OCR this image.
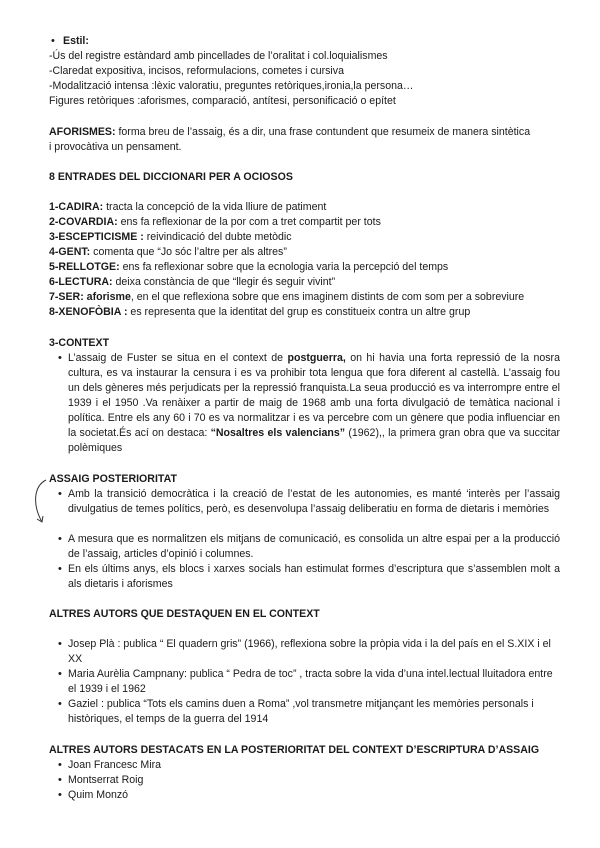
• Estil:
-Ús del registre estàndard amb pincellades de l’oralitat i col.loquialismes
-Claredat expositiva, incisos, reformulacions, cometes i cursiva
-Modalització intensa :lèxic valoratiu, preguntes retòriques,ironia,la persona…
Figures retòriques :aforismes, comparació, antítesi, personificació o epítet
AFORISMES: forma breu de l’assaig, és a dir, una frase contundent que resumeix de manera sintètica
i provocàtiva un pensament.
8 ENTRADES DEL DICCIONARI PER A OCIOSOS
1-CADIRA: tracta la concepció de la vida lliure de patiment
2-COVARDIA: ens fa reflexionar de la por com a tret compartit per tots
3-ESCEPTICISME : reivindicació del dubte metòdic
4-GENT: comenta que “Jo sóc l’altre per als altres”
5-RELLOTGE: ens fa reflexionar sobre que la ecnologia varia la percepció del temps
6-LECTURA: deixa constància de que “llegir és seguir vivint”
7-SER: aforisme, en el que reflexiona sobre que ens imaginem distints de com som per a sobreviure
8-XENOFÒBIA : es representa que la identitat del grup es constitueix contra un altre grup
3-CONTEXT
• L’assaig de Fuster se situa en el context de postguerra, on hi havia una forta repressió de la nosra cultura, es va instaurar la censura i es va prohibir tota lengua que fora diferent al castellà. L’assaig fou un dels gèneres més perjudicats per la repressió franquista.La seua producció es va interrompre entre el 1939 i el 1950 .Va renàixer a partir de maig de 1968 amb una forta divulgació de temàtica nacional i política. Entre els any 60 i 70 es va normalitzar i es va percebre com un gènere que podia influenciar en la societat.És ací on destaca: “Nosaltres els valencians” (1962),, la primera gran obra que va succitar polèmiques
ASSAIG POSTERIORITAT
• Amb la transició democràtica i la creació de l’estat de les autonomies, es manté ‘interès per l’assaig divulgatius de temes polítics, però, es desenvolupa l’assaig deliberatiu en forma de dietaris i memòries
• A mesura que es normalitzen els mitjans de comunicació, es consolida un altre espai per a la producció de l’assaig, articles d’opinió i columnes.
• En els últims anys, els blocs i xarxes socials han estimulat formes d’escriptura que s’assemblen molt a als dietaris i aforismes
ALTRES AUTORS QUE DESTAQUEN EN EL CONTEXT
• Josep Plà : publica “ El quadern gris” (1966), reflexiona sobre la pròpia vida i la del país en el S.XIX i el XX
• Maria Aurèlia Campnany: publica “ Pedra de toc” , tracta sobre la vida d’una intel.lectual lluitadora entre el 1939 i el 1962
• Gaziel : publica “Tots els camins duen a Roma” ,vol transmetre mitjançant les memòries personals i històriques, el temps de la guerra del 1914
ALTRES AUTORS DESTACATS EN LA POSTERIORITAT DEL CONTEXT D’ESCRIPTURA D’ASSAIG
• Joan Francesc Mira
• Montserrat Roig
• Quim Monzó
